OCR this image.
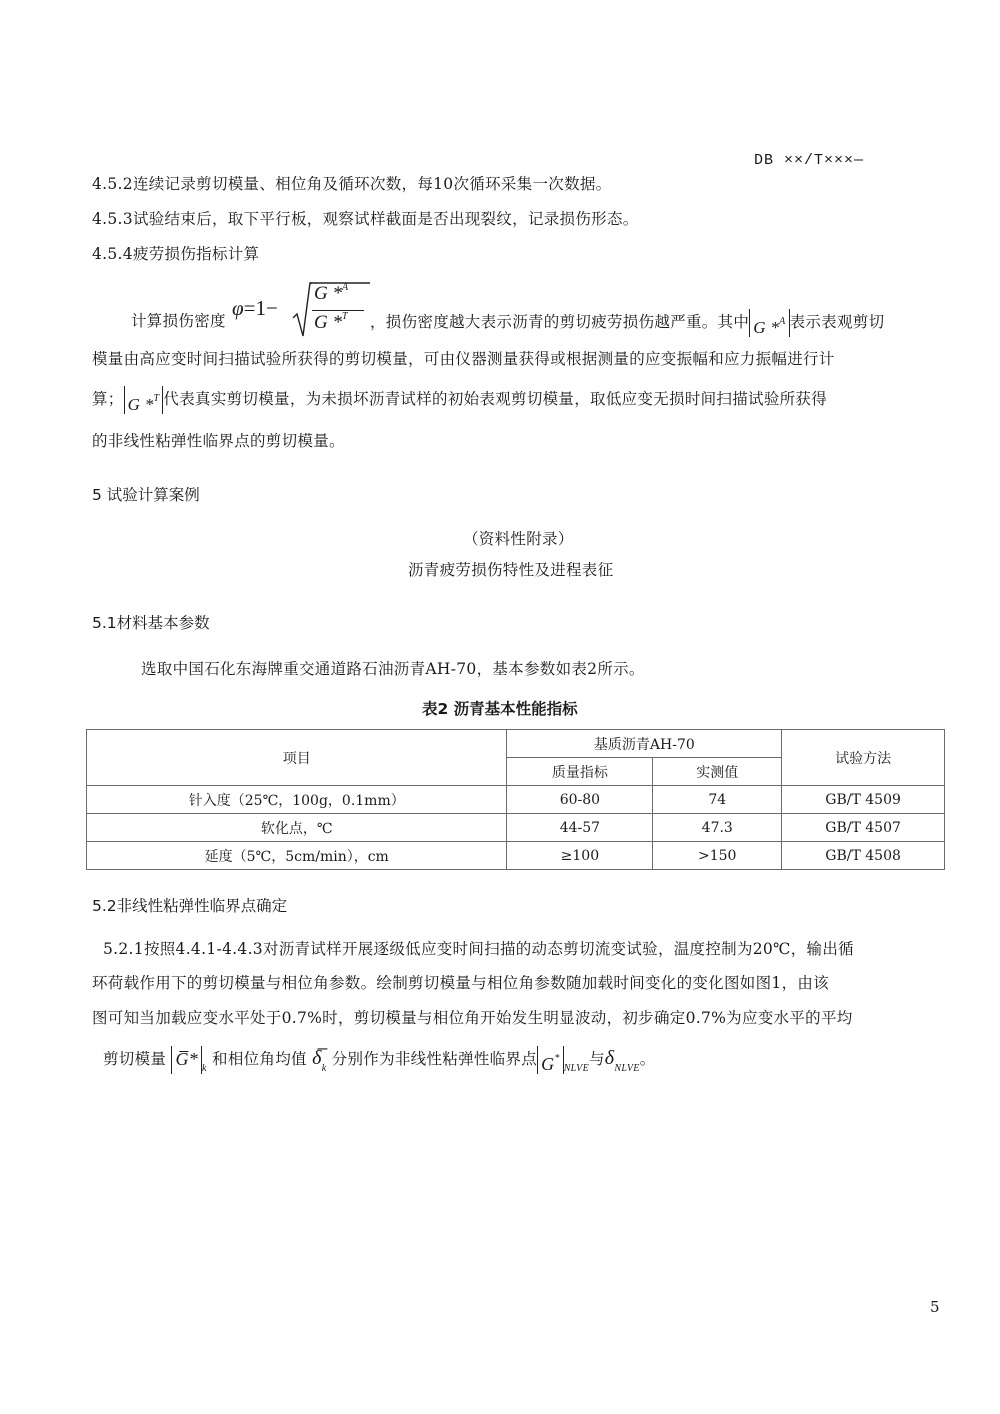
DB ××/T×××—
4.5.2连续记录剪切模量、相位角及循环次数，每10次循环采集一次数据。
4.5.3试验结束后，取下平行板，观察试样截面是否出现裂纹，记录损伤形态。
4.5.4疲劳损伤指标计算
计算损伤密度
φ=1−
G *$^A$
G *$^T$ ，损伤密度越大表示沥青的剪切疲劳损伤越严重。其中 G *$^A$ 表示表观剪切
模量由高应变时间扫描试验所获得的剪切模量，可由仪器测量获得或根据测量的应变振幅和应力振幅进行计
算； G *$^T$ 代表真实剪切模量，为未损坏沥青试样的初始表观剪切模量，取低应变无损时间扫描试验所获得
的非线性粘弹性临界点的剪切模量。
5 试验计算案例
（资料性附录）
沥青疲劳损伤特性及进程表征
5.1材料基本参数
选取中国石化东海牌重交通道路石油沥青AH-70，基本参数如表2所示。
表2 沥青基本性能指标
项目	基质沥青AH-70		试验方法
	质量指标	实测值	
针入度（25℃，100g，0.1mm）	60-80	74	GB/T 4509
软化点，℃	44-57	47.3	GB/T 4507
延度（5℃，5cm/min），cm	≥100	>150	GB/T 4508
5.2非线性粘弹性临界点确定
5.2.1按照4.4.1-4.4.3对沥青试样开展逐级低应变时间扫描的动态剪切流变试验，温度控制为20℃，输出循
环荷载作用下的剪切模量与相位角参数。绘制剪切模量与相位角参数随加载时间变化的变化图如图1，由该
图可知当加载应变水平处于0.7%时，剪切模量与相位角开始发生明显波动，初步确定0.7%为应变水平的平均
剪切模量 G̅* $_k$ 和相位角均值 $\delta̅_k$ 分别作为非线性粘弹性临界点 $G^*_{NLVE}$与$\delta_{NLVE}$。
5
